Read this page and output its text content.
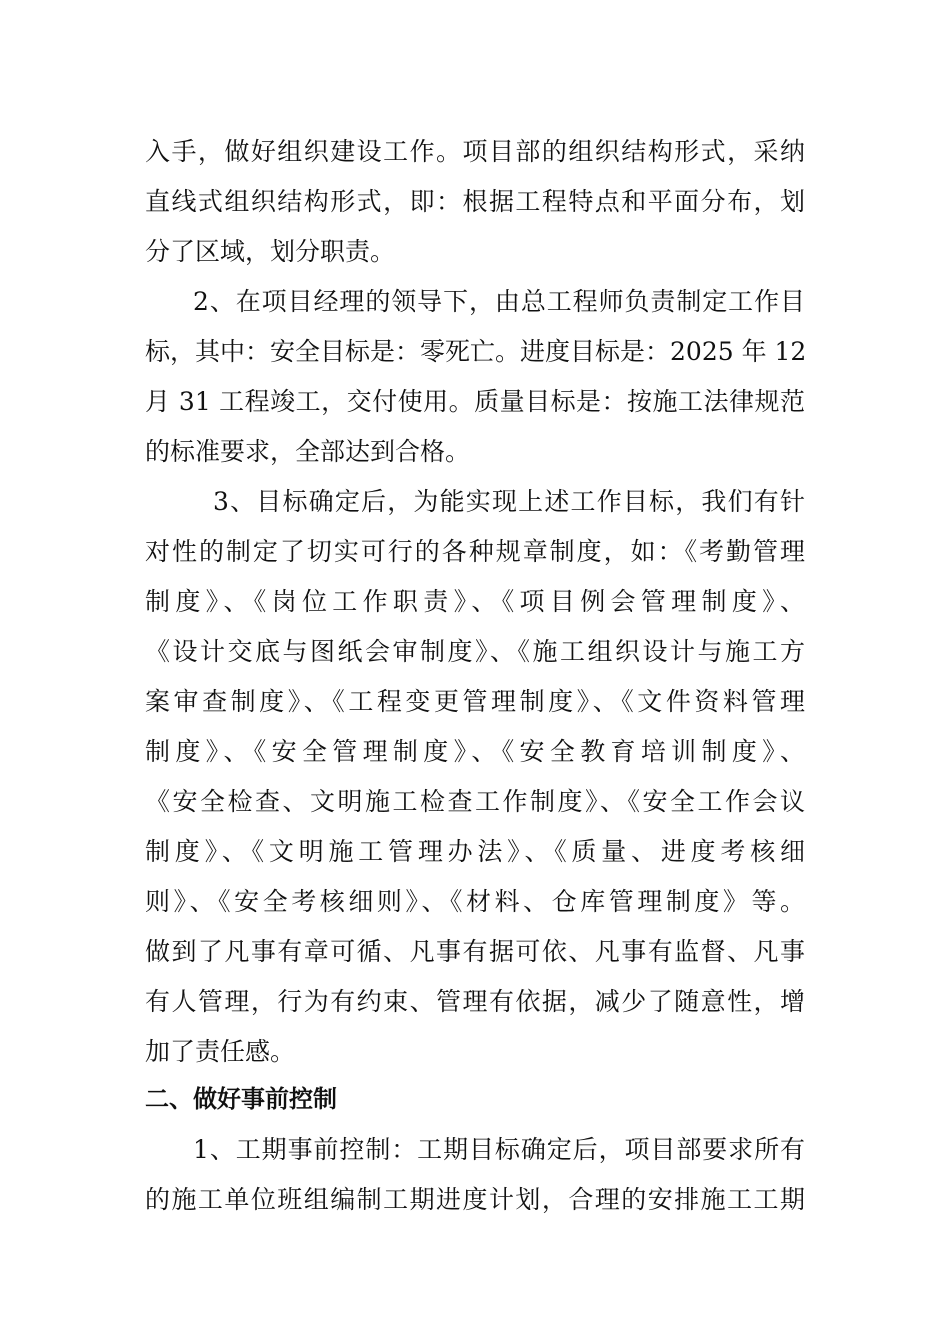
入手，做好组织建设工作。项目部的组织结构形式，采纳
直线式组织结构形式，即：根据工程特点和平面分布，划
分了区域，划分职责。
2、在项目经理的领导下，由总工程师负责制定工作目
标，其中：安全目标是：零死亡。进度目标是：2025 年 12
月 31 工程竣工，交付使用。质量目标是：按施工法律规范
的标准要求，全部达到合格。
3、目标确定后，为能实现上述工作目标，我们有针
对性的制定了切实可行的各种规章制度，如：《考勤管理
制度》、《岗位工作职责》、《项目例会管理制度》、
《设计交底与图纸会审制度》、《施工组织设计与施工方
案审查制度》、《工程变更管理制度》、《文件资料管理
制度》、《安全管理制度》、《安全教育培训制度》、
《安全检查、文明施工检查工作制度》、《安全工作会议
制度》、《文明施工管理办法》、《质量、进度考核细
则》、《安全考核细则》、《材料、仓库管理制度》等。
做到了凡事有章可循、凡事有据可依、凡事有监督、凡事
有人管理，行为有约束、管理有依据，减少了随意性，增
加了责任感。
二、做好事前控制
1、工期事前控制：工期目标确定后，项目部要求所有
的施工单位班组编制工期进度计划，合理的安排施工工期
